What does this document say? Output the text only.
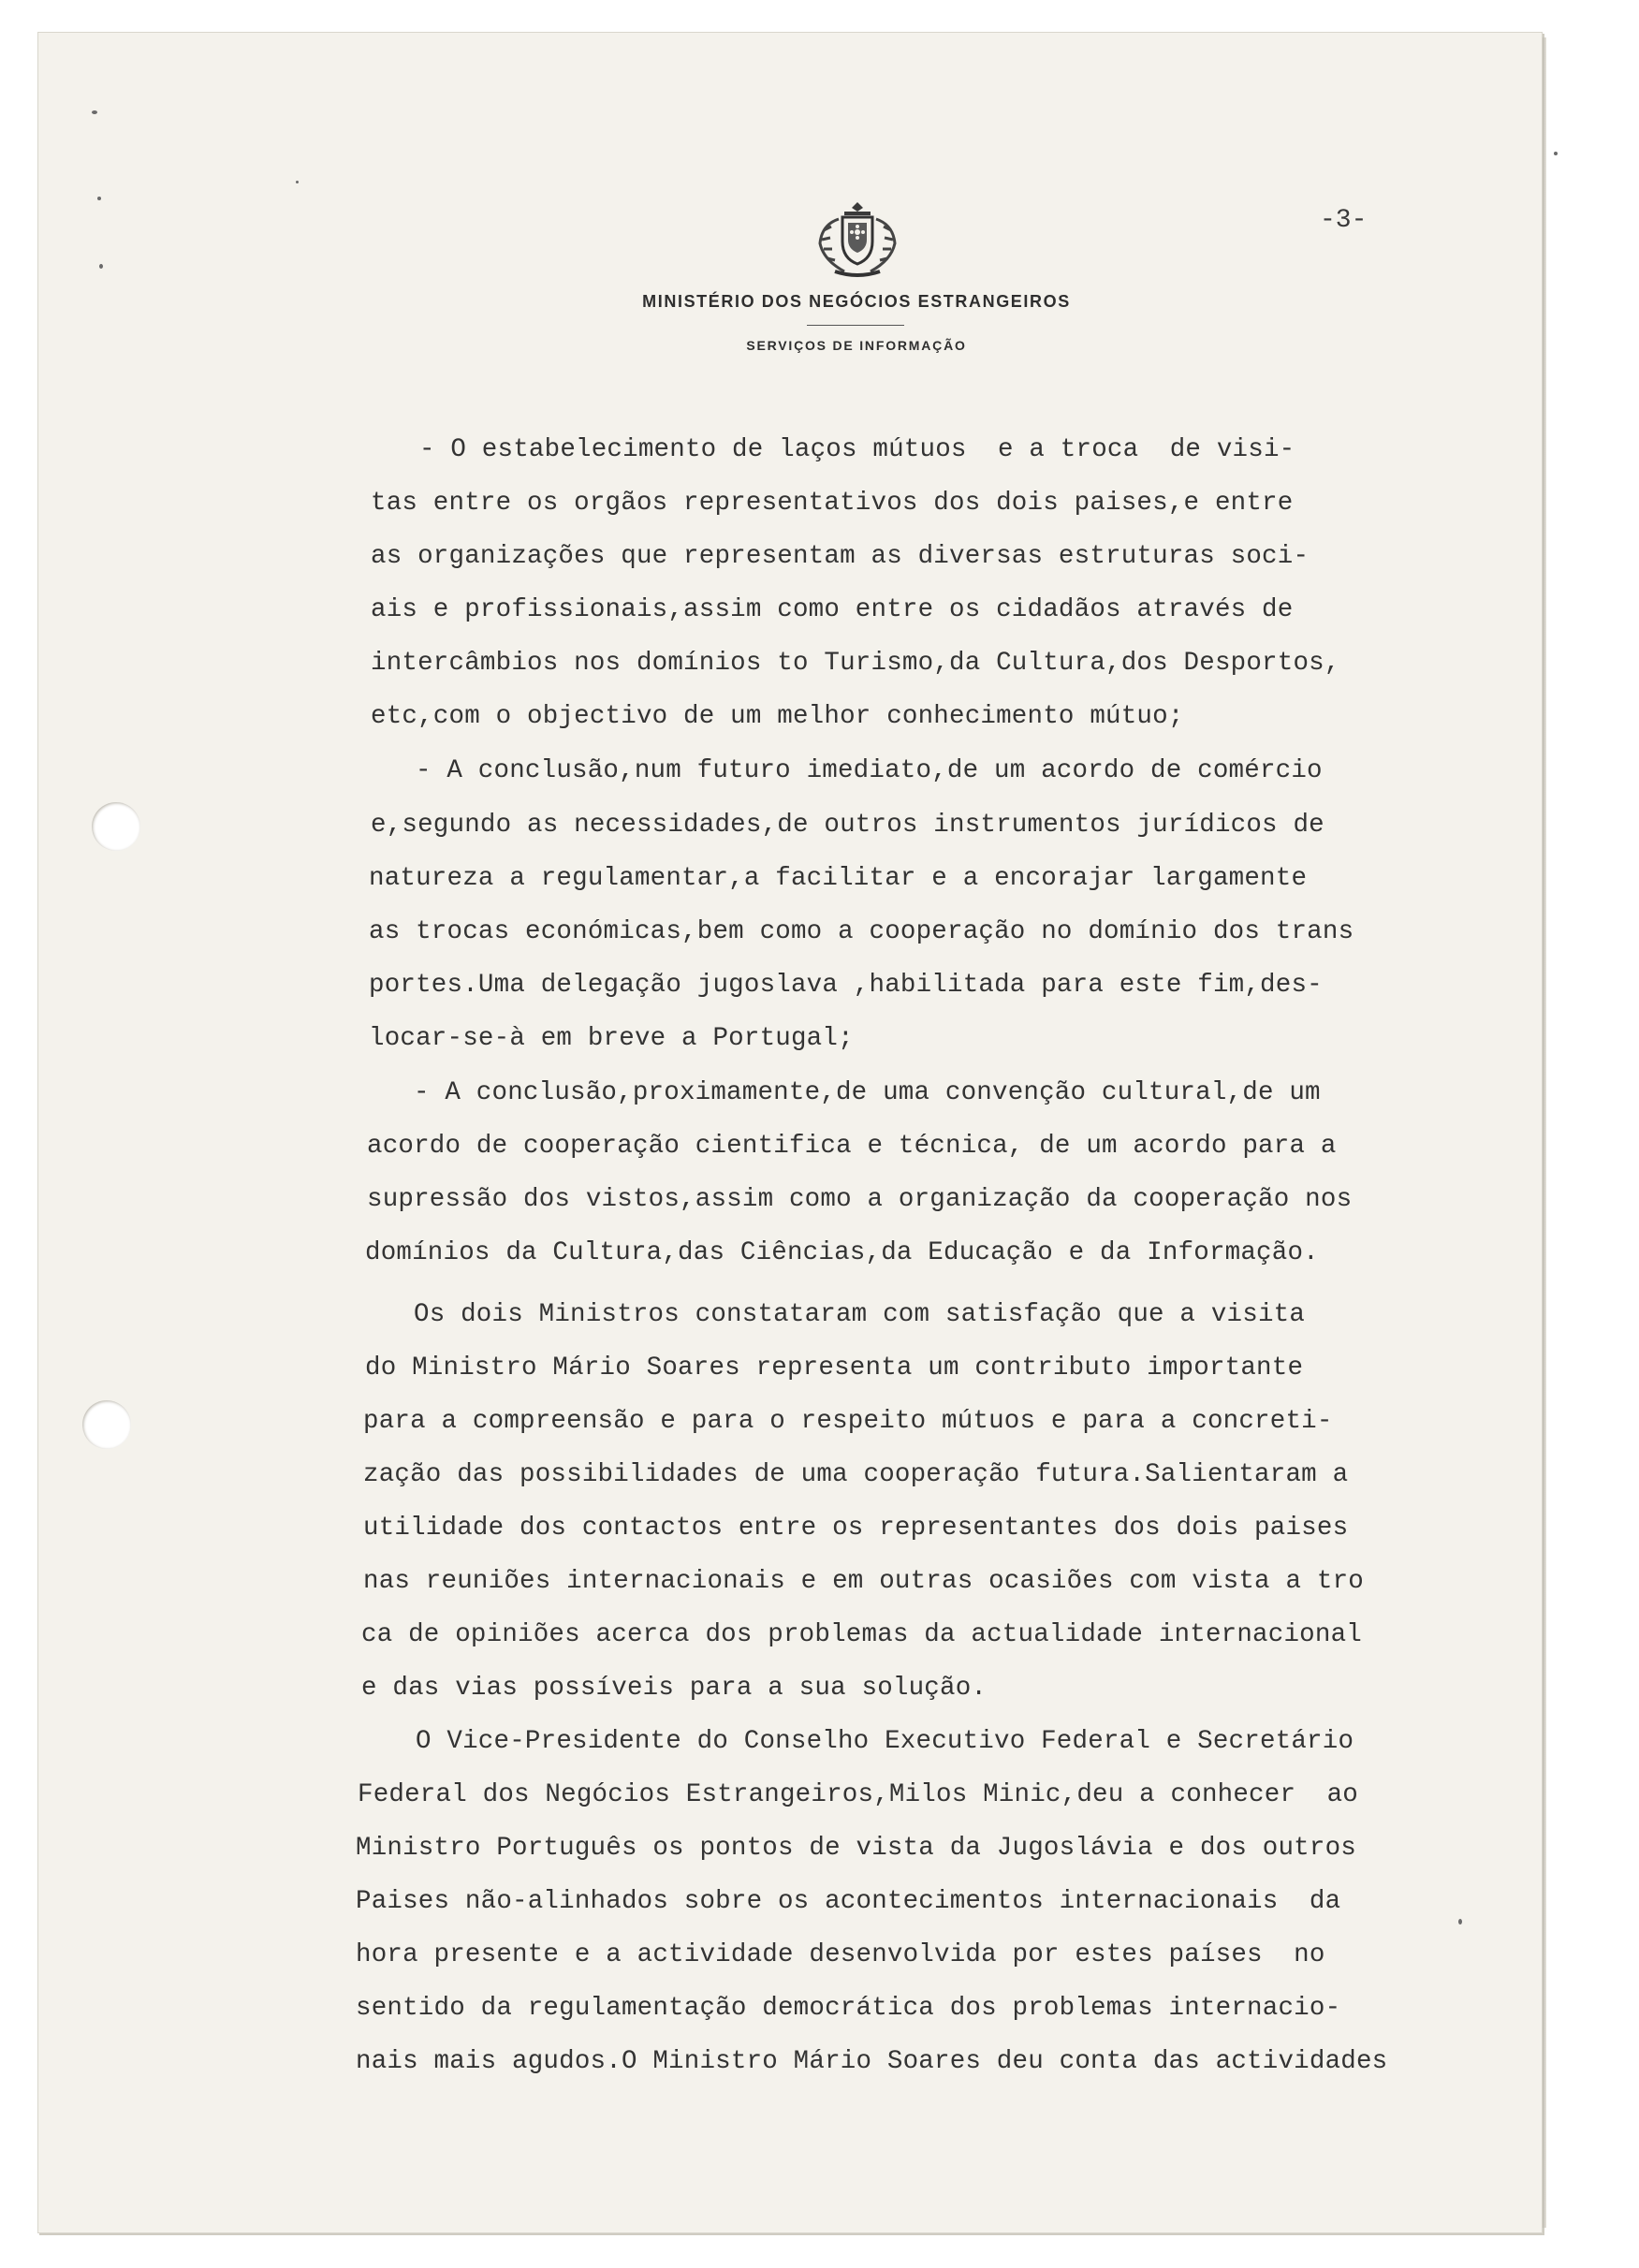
MINISTÉRIO DOS NEGÓCIOS ESTRANGEIROS
SERVIÇOS DE INFORMAÇÃO
-3-
- O estabelecimento de laços mútuos  e a troca  de visi-
tas entre os orgãos representativos dos dois paises,e entre
as organizações que representam as diversas estruturas soci-
ais e profissionais,assim como entre os cidadãos através de
intercâmbios nos domínios to Turismo,da Cultura,dos Desportos,
etc,com o objectivo de um melhor conhecimento mútuo;
- A conclusão,num futuro imediato,de um acordo de comércio
e,segundo as necessidades,de outros instrumentos jurídicos de
natureza a regulamentar,a facilitar e a encorajar largamente
as trocas económicas,bem como a cooperação no domínio dos trans
portes.Uma delegação jugoslava ,habilitada para este fim,des-
locar-se-à em breve a Portugal;
- A conclusão,proximamente,de uma convenção cultural,de um
acordo de cooperação cientifica e técnica, de um acordo para a
supressão dos vistos,assim como a organização da cooperação nos
domínios da Cultura,das Ciências,da Educação e da Informação.
Os dois Ministros constataram com satisfação que a visita
do Ministro Mário Soares representa um contributo importante
para a compreensão e para o respeito mútuos e para a concreti-
zação das possibilidades de uma cooperação futura.Salientaram a
utilidade dos contactos entre os representantes dos dois paises
nas reuniões internacionais e em outras ocasiões com vista a tro
ca de opiniões acerca dos problemas da actualidade internacional
e das vias possíveis para a sua solução.
O Vice-Presidente do Conselho Executivo Federal e Secretário
Federal dos Negócios Estrangeiros,Milos Minic,deu a conhecer  ao
Ministro Português os pontos de vista da Jugoslávia e dos outros
Paises não-alinhados sobre os acontecimentos internacionais  da
hora presente e a actividade desenvolvida por estes países  no
sentido da regulamentação democrática dos problemas internacio-
nais mais agudos.O Ministro Mário Soares deu conta das actividades
